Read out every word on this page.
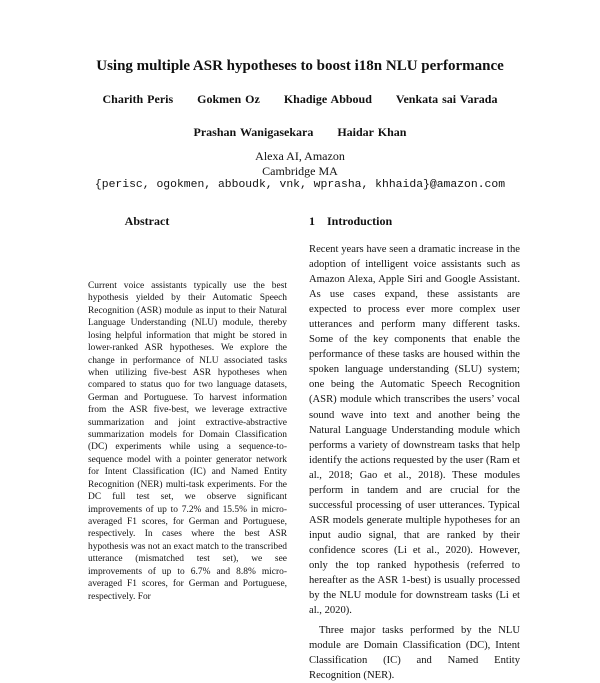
Using multiple ASR hypotheses to boost i18n NLU performance
Charith Peris Gokmen Oz Khadige Abboud Venkata sai Varada
Prashan Wanigasekara Haidar Khan
Alexa AI, Amazon
Cambridge MA
{perisc, ogokmen, abboudk, vnk, wprasha, khhaida}@amazon.com
Abstract	1 Introduction
Current voice assistants typically use the best hypothesis yielded by their Automatic Speech Recognition (ASR) module as input to their Natural Language Understanding (NLU) module, thereby losing helpful information that might be stored in lower-ranked ASR hypotheses. We explore the change in performance of NLU associated tasks when utilizing five-best ASR hypotheses when compared to status quo for two language datasets, German and Portuguese. To harvest information from the ASR five-best, we leverage extractive summarization and joint extractive-abstractive summarization models for Domain Classification (DC) experiments while using a sequence-to-sequence model with a pointer generator network for Intent Classification (IC) and Named Entity Recognition (NER) multi-task experiments. For the DC full test set, we observe significant improvements of up to 7.2% and 15.5% in micro-averaged F1 scores, for German and Portuguese, respectively. In cases where the best ASR hypothesis was not an exact match to the transcribed utterance (mismatched test set), we see improvements of up to 6.7% and 8.8% micro-averaged F1 scores, for German and Portuguese, respectively. For

Recent years have seen a dramatic increase in the adoption of intelligent voice assistants such as Amazon Alexa, Apple Siri and Google Assistant. As use cases expand, these assistants are expected to process ever more complex user utterances and perform many different tasks. Some of the key components that enable the performance of these tasks are housed within the spoken language understanding (SLU) system; one being the Automatic Speech Recognition (ASR) module which transcribes the users’ vocal sound wave into text and another being the Natural Language Understanding module which performs a variety of downstream tasks that help identify the actions requested by the user (Ram et al., 2018; Gao et al., 2018). These modules perform in tandem and are crucial for the successful processing of user utterances. Typical ASR models generate multiple hypotheses for an input audio signal, that are ranked by their confidence scores (Li et al., 2020). However, only the top ranked hypothesis (referred to hereafter as the ASR 1-best) is usually processed by the NLU module for downstream tasks (Li et al., 2020).

Three major tasks performed by the NLU module are Domain Classification (DC), Intent Classification (IC) and Named Entity Recognition (NER).
